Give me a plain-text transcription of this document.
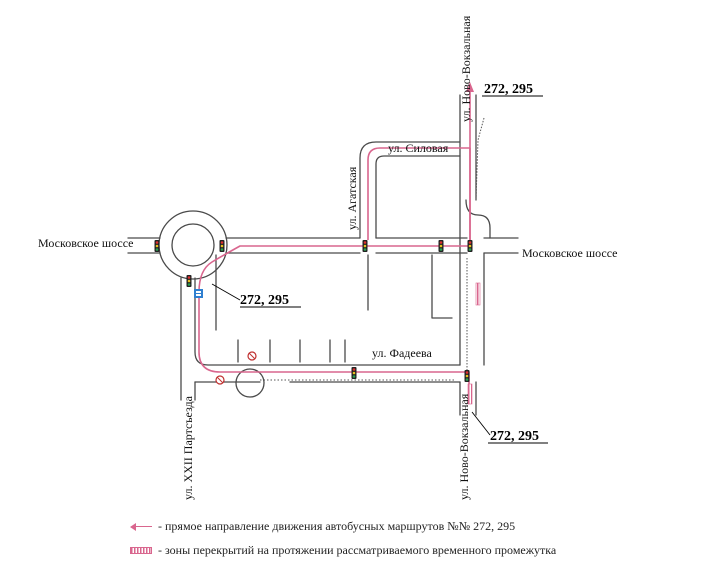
Московское шоссе
Московское шоссе
ул. Силовая
ул. Фадеева
ул. Ново-Вокзальная
ул. Ново-Вокзальная
ул. Агатская
ул. XXII Партсъезда
272, 295
272, 295
272, 295
- прямое направление движения автобусных маршрутов №№ 272, 295
- зоны перекрытий на протяжении рассматриваемого временного промежутка
